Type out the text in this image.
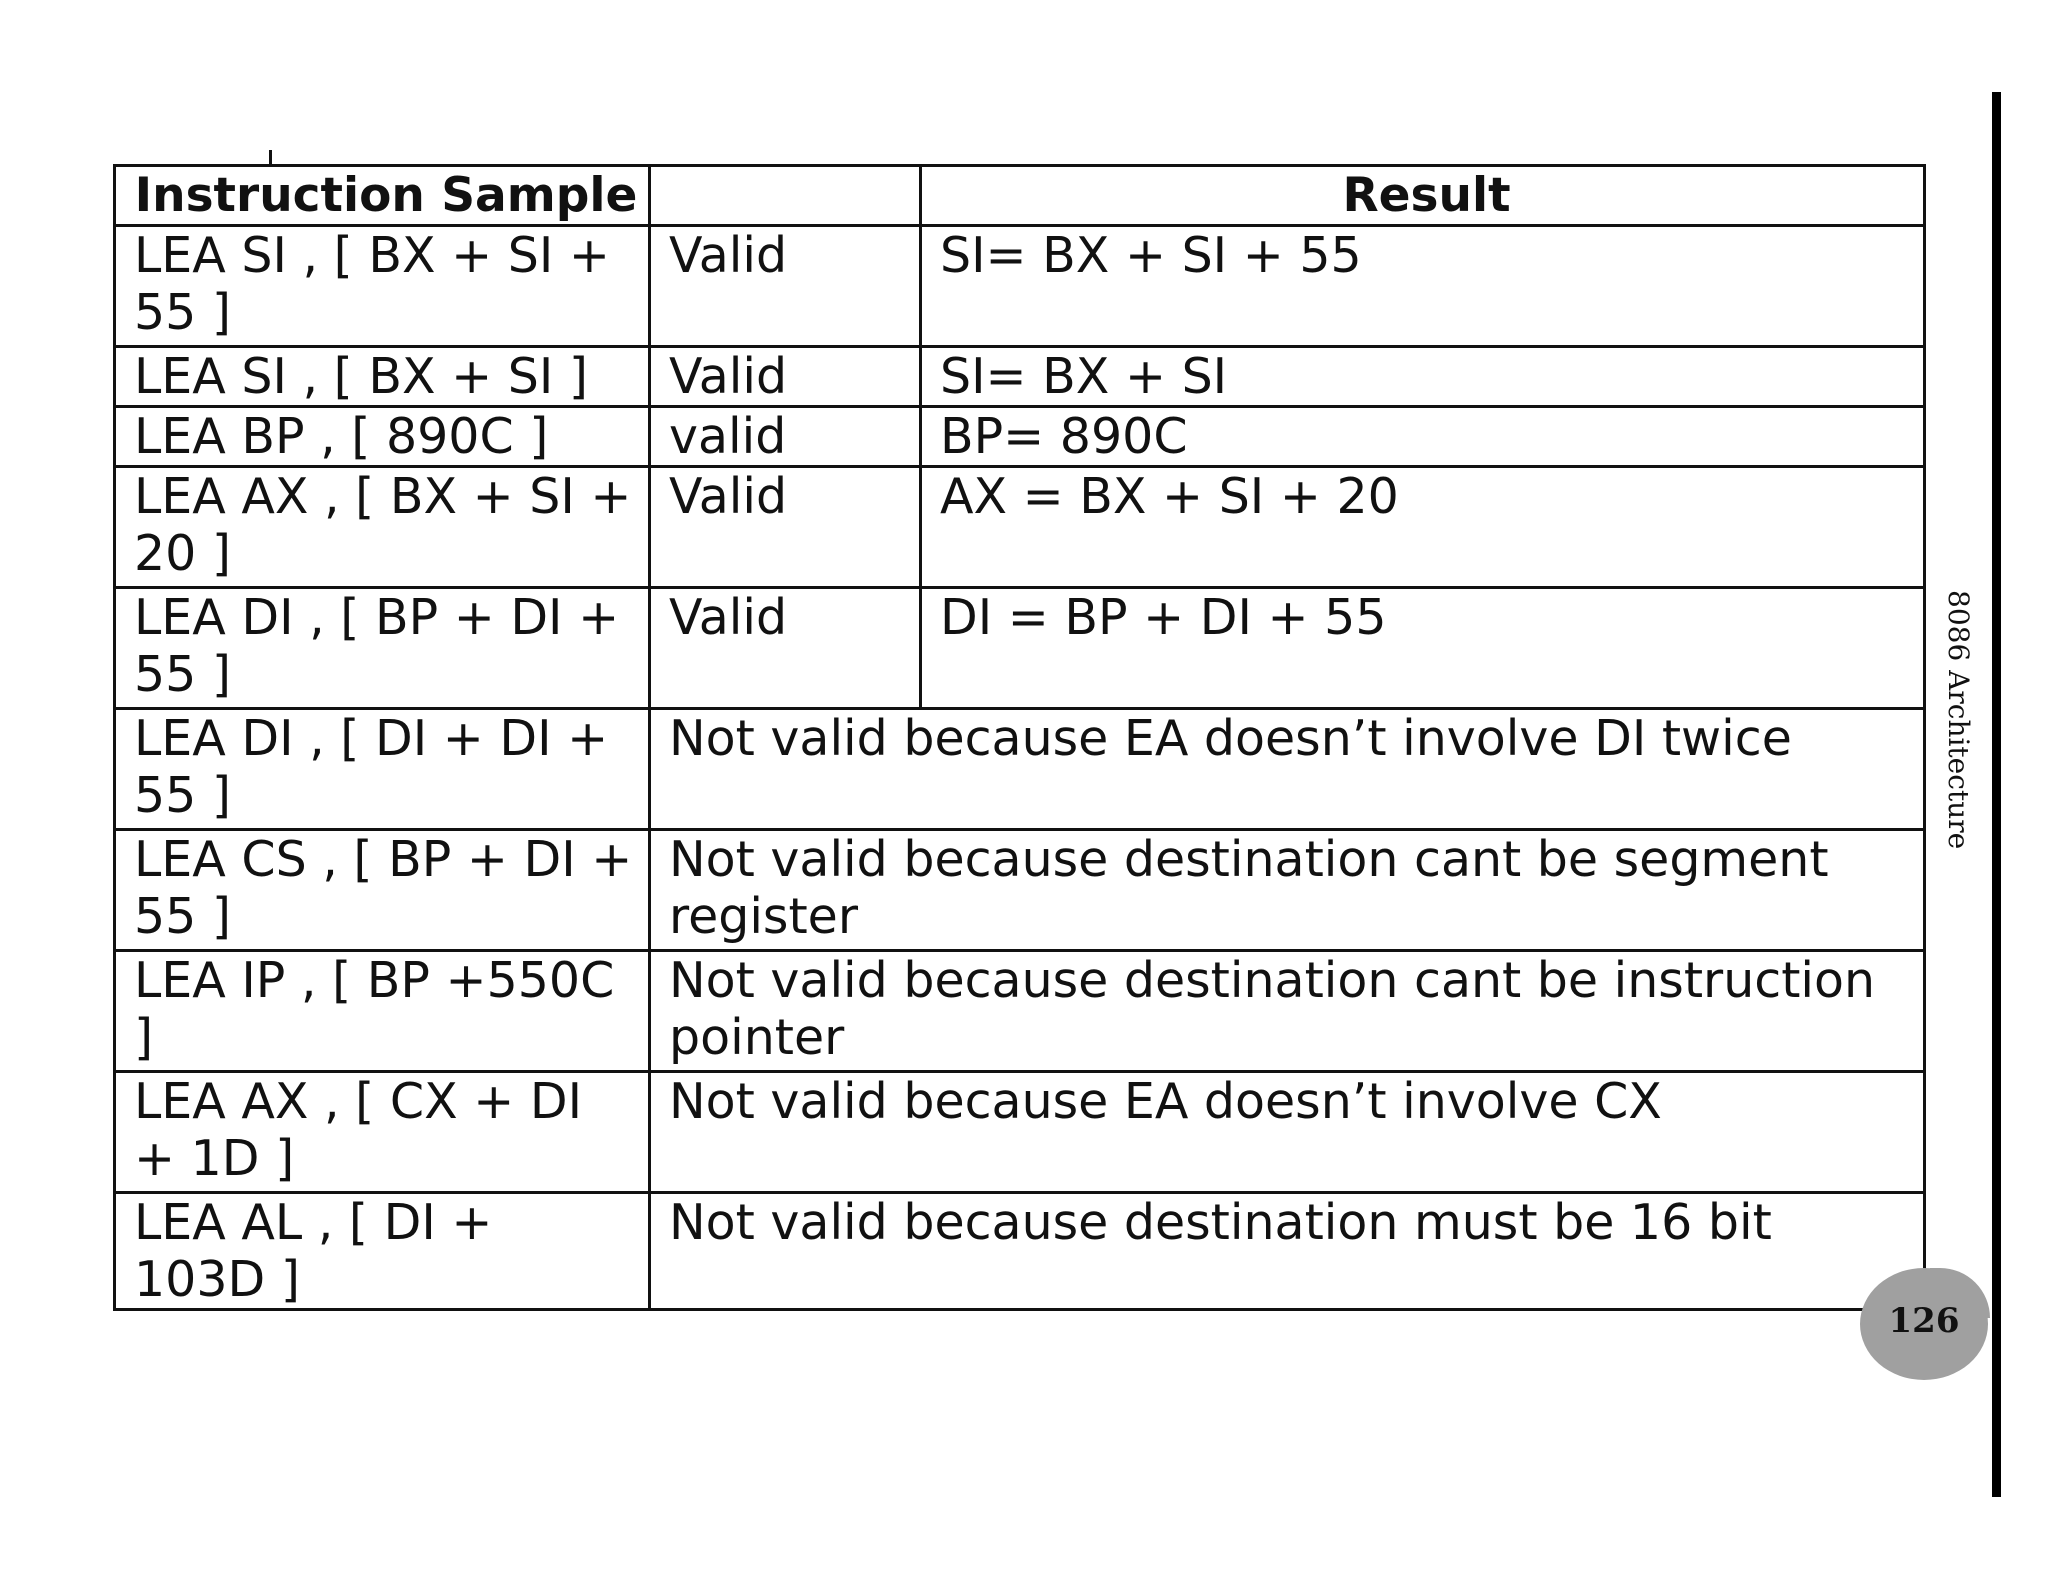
Instruction Sample		Result
LEA SI , [ BX + SI + 55 ]	Valid	SI= BX + SI + 55
LEA SI , [ BX + SI ]	Valid	SI= BX + SI
LEA BP , [ 890C ]	valid	BP= 890C
LEA AX , [ BX + SI + 20 ]	Valid	AX = BX + SI + 20
LEA DI , [ BP + DI + 55 ]	Valid	DI = BP + DI + 55
LEA DI , [ DI + DI + 55 ]	Not valid because EA doesn’t involve DI twice	
LEA CS , [ BP + DI + 55 ]	Not valid because destination cant be segment register	
LEA IP , [ BP +550C ]	Not valid because destination cant be instruction pointer	
LEA AX , [ CX + DI + 1D ]	Not valid because EA doesn’t involve CX	
LEA AL , [ DI + 103D ]	Not valid because destination must be 16 bit	
8086 Architecture
126
